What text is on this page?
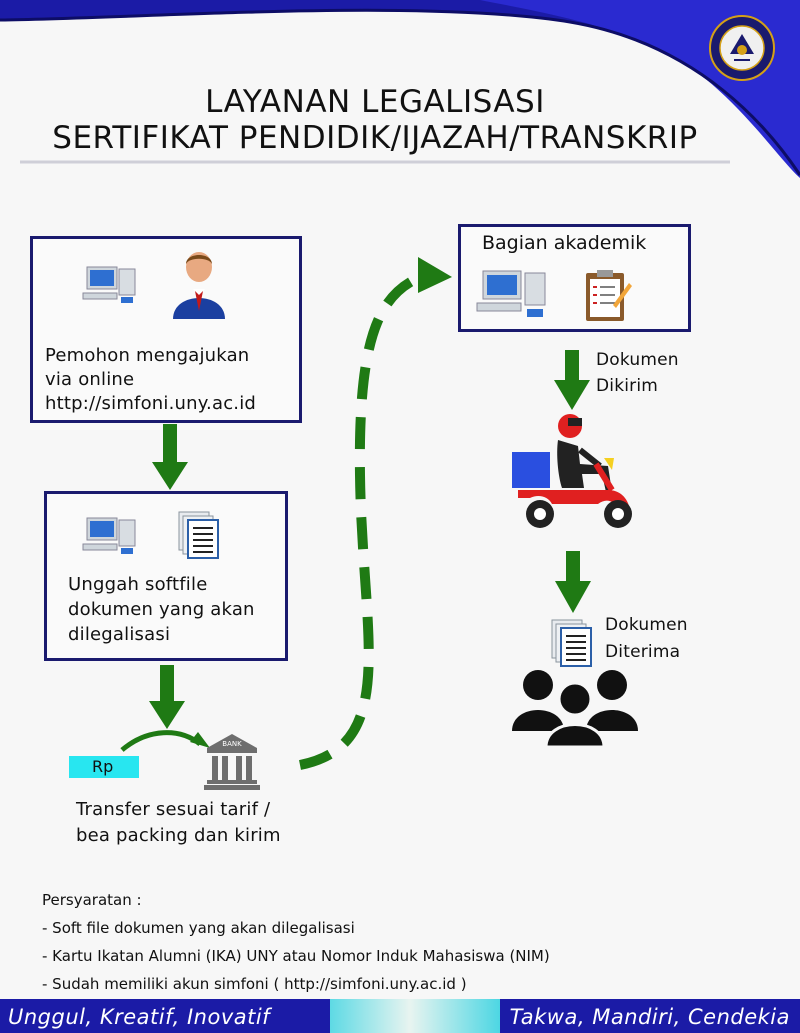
LAYANAN LEGALISASI
SERTIFIKAT PENDIDIK/IJAZAH/TRANSKRIP
Pemohon mengajukan
via online
http://simfoni.uny.ac.id
Unggah softfile
dokumen yang akan
dilegalisasi
Rp
BANK
Transfer sesuai tarif /
bea packing dan kirim
Bagian akademik
Dokumen
Dikirim
Dokumen
Diterima
Persyaratan :
- Soft file dokumen yang akan dilegalisasi
- Kartu Ikatan Alumni (IKA) UNY atau Nomor Induk Mahasiswa (NIM)
- Sudah memiliki akun simfoni ( http://simfoni.uny.ac.id )
Unggul, Kreatif, Inovatif	Takwa, Mandiri, Cendekia
